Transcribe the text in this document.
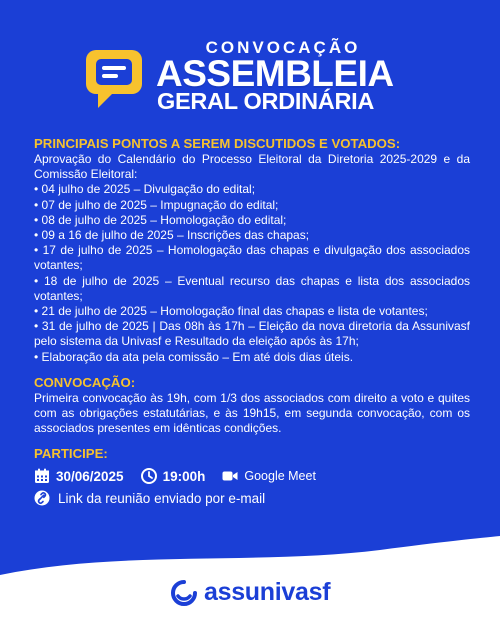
CONVOCAÇÃO
ASSEMBLEIA
GERAL ORDINÁRIA

PRINCIPAIS PONTOS A SEREM DISCUTIDOS E VOTADOS:

Aprovação do Calendário do Processo Eleitoral da Diretoria 2025-2029 e da Comissão Eleitoral:

• 04 julho de 2025 – Divulgação do edital;

• 07 de julho de 2025 – Impugnação do edital;

• 08 de julho de 2025 – Homologação do edital;

• 09 a 16 de julho de 2025 – Inscrições das chapas;

• 17 de julho de 2025 – Homologação das chapas e divulgação dos associados votantes;

• 18 de julho de 2025 – Eventual recurso das chapas e lista dos associados votantes;

• 21 de julho de 2025 – Homologação final das chapas e lista de votantes;

• 31 de julho de 2025 | Das 08h às 17h – Eleição da nova diretoria da Assunivasf pelo sistema da Univasf e Resultado da eleição após às 17h;

• Elaboração da ata pela comissão – Em até dois dias úteis.

CONVOCAÇÃO:

Primeira convocação às 19h, com 1/3 dos associados com direito a voto e quites com as obrigações estatutárias, e às 19h15, em segunda convocação, com os associados presentes em idênticas condições.

PARTICIPE:

30/06/2025	19:00h	Google Meet
Link da reunião enviado por e-mail
assunivasf
